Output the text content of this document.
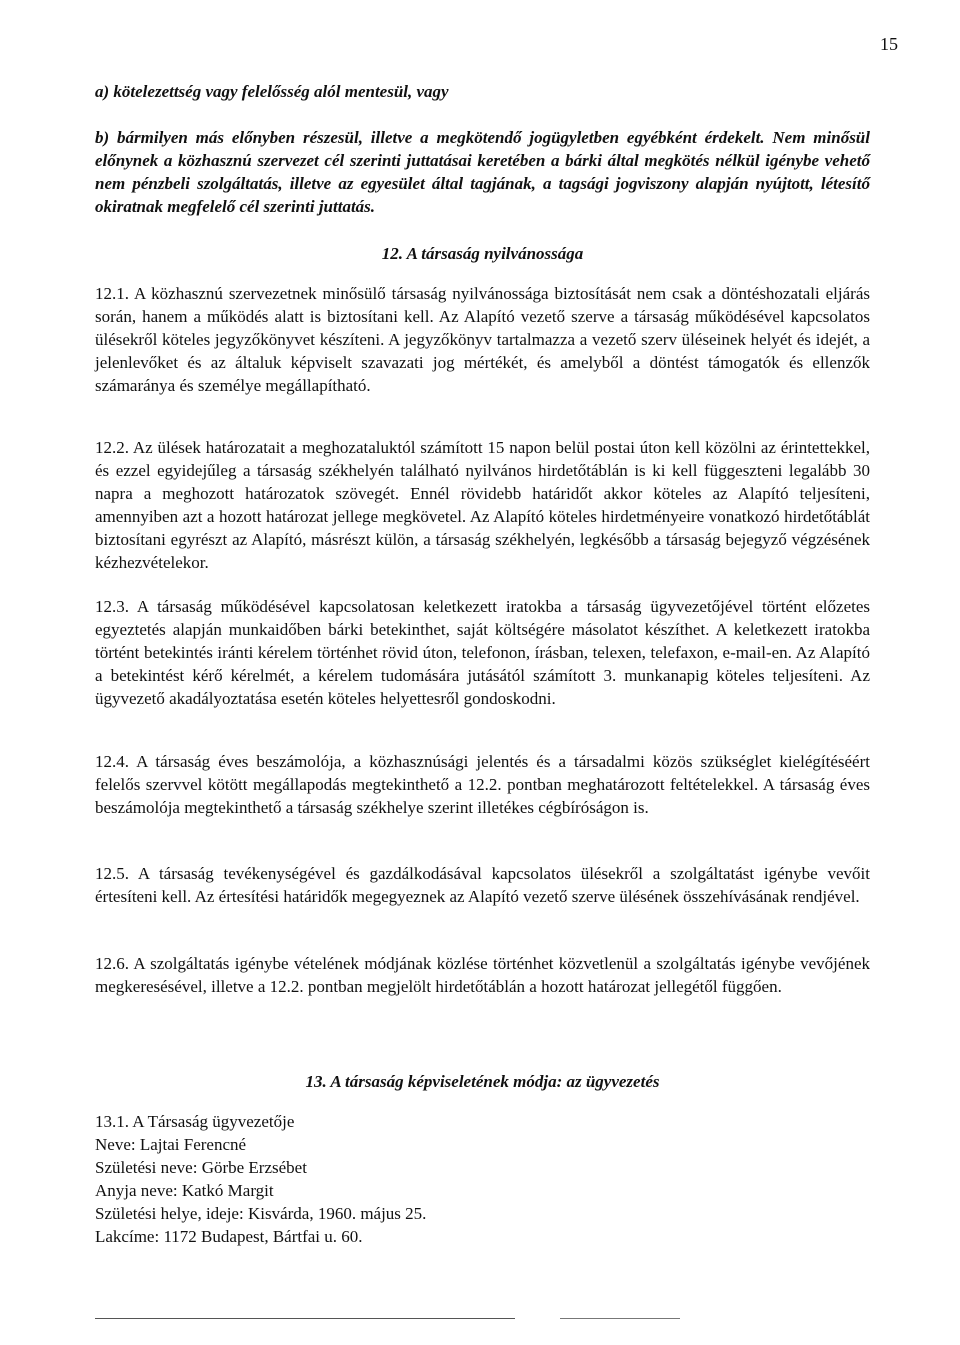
15
a) kötelezettség vagy felelősség alól mentesül, vagy
b) bármilyen más előnyben részesül, illetve a megkötendő jogügyletben egyébként érdekelt. Nem minősül előnynek a közhasznú szervezet cél szerinti juttatásai keretében a bárki által megkötés nélkül igénybe vehető nem pénzbeli szolgáltatás, illetve az egyesület által tagjának, a tagsági jogviszony alapján nyújtott, létesítő okiratnak megfelelő cél szerinti juttatás.
12. A társaság nyilvánossága
12.1. A közhasznú szervezetnek minősülő társaság nyilvánossága biztosítását nem csak a döntéshozatali eljárás során, hanem a működés alatt is biztosítani kell. Az Alapító vezető szerve a társaság működésével kapcsolatos ülésekről köteles jegyzőkönyvet készíteni. A jegyzőkönyv tartalmazza a vezető szerv üléseinek helyét és idejét, a jelenlevőket és az általuk képviselt szavazati jog mértékét, és amelyből a döntést támogatók és ellenzők számaránya és személye megállapítható.
12.2. Az ülések határozatait a meghozataluktól számított 15 napon belül postai úton kell közölni az érintettekkel, és ezzel egyidejűleg a társaság székhelyén található nyilvános hirdetőtáblán is ki kell függeszteni legalább 30 napra a meghozott határozatok szövegét. Ennél rövidebb határidőt akkor köteles az Alapító teljesíteni, amennyiben azt a hozott határozat jellege megkövetel. Az Alapító köteles hirdetményeire vonatkozó hirdetőtáblát biztosítani egyrészt az Alapító, másrészt külön, a társaság székhelyén, legkésőbb a társaság bejegyző végzésének kézhezvételekor.
12.3. A társaság működésével kapcsolatosan keletkezett iratokba a társaság ügyvezetőjével történt előzetes egyeztetés alapján munkaidőben bárki betekinthet, saját költségére másolatot készíthet. A keletkezett iratokba történt betekintés iránti kérelem történhet rövid úton, telefonon, írásban, telexen, telefaxon, e-mail-en. Az Alapító a betekintést kérő kérelmét, a kérelem tudomására jutásától számított 3. munkanapig köteles teljesíteni. Az ügyvezető akadályoztatása esetén köteles helyettesről gondoskodni.
12.4. A társaság éves beszámolója, a közhasznúsági jelentés és a társadalmi közös szükséglet kielégítéséért felelős szervvel kötött megállapodás megtekinthető a 12.2. pontban meghatározott feltételekkel. A társaság éves beszámolója megtekinthető a társaság székhelye szerint illetékes cégbíróságon is.
12.5. A társaság tevékenységével és gazdálkodásával kapcsolatos ülésekről a szolgáltatást igénybe vevőit értesíteni kell. Az értesítési határidők megegyeznek az Alapító vezető szerve ülésének összehívásának rendjével.
12.6. A szolgáltatás igénybe vételének módjának közlése történhet közvetlenül a szolgáltatás igénybe vevőjének megkeresésével, illetve a 12.2. pontban megjelölt hirdetőtáblán a hozott határozat jellegétől függően.
13. A társaság képviseletének módja: az ügyvezetés
13.1. A Társaság ügyvezetője
Neve: Lajtai Ferencné
Születési neve: Görbe Erzsébet
Anyja neve: Katkó Margit
Születési helye, ideje: Kisvárda, 1960. május 25.
Lakcíme: 1172 Budapest, Bártfai u. 60.
